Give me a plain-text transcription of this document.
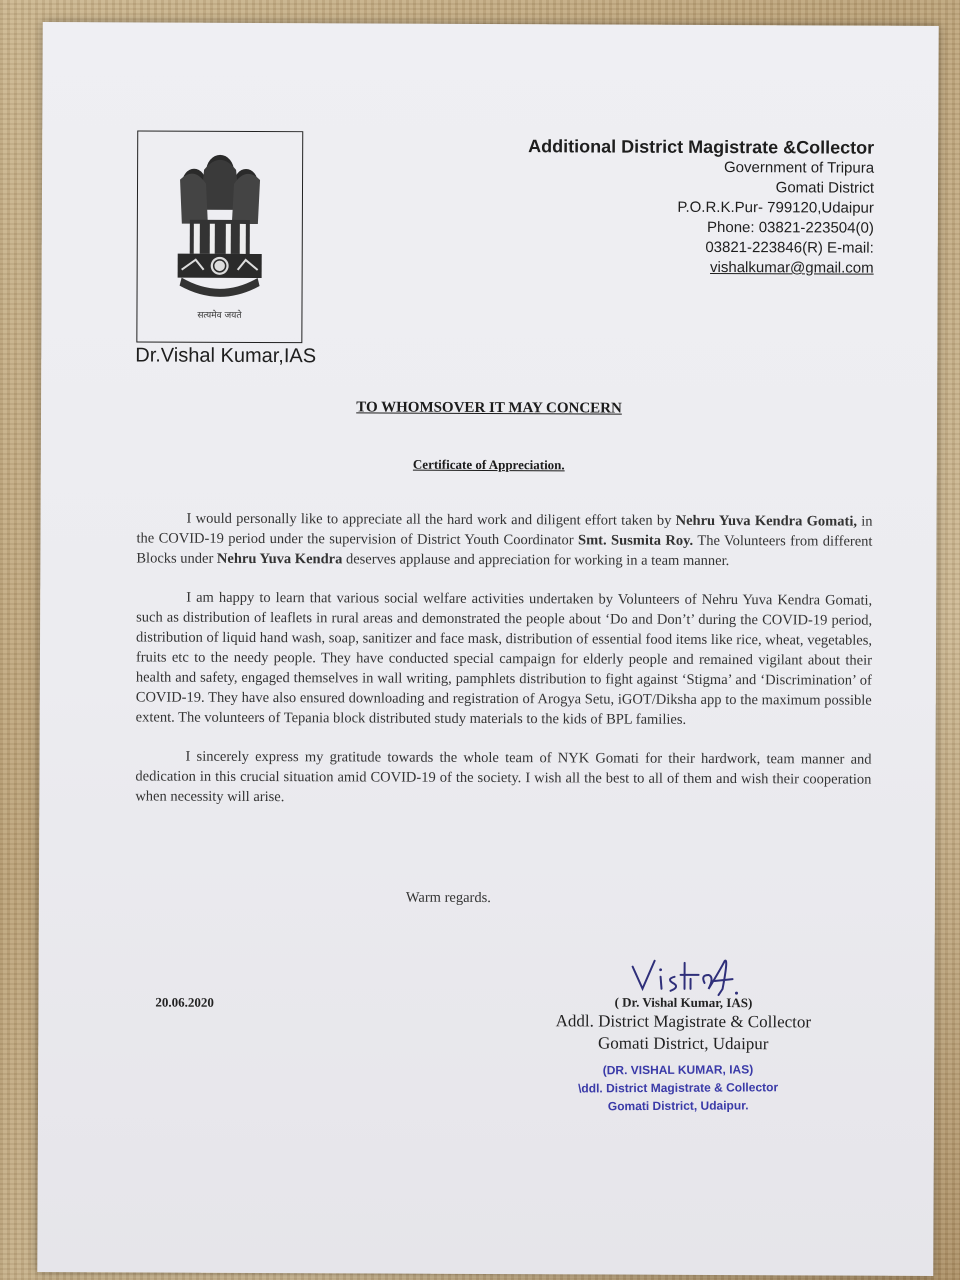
सत्यमेव जयते
Additional District Magistrate &Collector
Government of Tripura
Gomati District
P.O.R.K.Pur- 799120,Udaipur
Phone: 03821-223504(0)
03821-223846(R) E-mail:
vishalkumar@gmail.com
Dr.Vishal Kumar,IAS
TO WHOMSOVER IT MAY CONCERN
Certificate of Appreciation.

I would personally like to appreciate all the hard work and diligent effort taken by Nehru Yuva Kendra Gomati, in the COVID-19 period under the supervision of District Youth Coordinator Smt. Susmita Roy. The Volunteers from different Blocks under Nehru Yuva Kendra deserves applause and appreciation for working in a team manner.

I am happy to learn that various social welfare activities undertaken by Volunteers of Nehru Yuva Kendra Gomati, such as distribution of leaflets in rural areas and demonstrated the people about ‘Do and Don’t’ during the COVID-19 period, distribution of liquid hand wash, soap, sanitizer and face mask, distribution of essential food items like rice, wheat, vegetables, fruits etc to the needy people. They have conducted special campaign for elderly people and remained vigilant about their health and safety, engaged themselves in wall writing, pamphlets distribution to fight against ‘Stigma’ and ‘Discrimination’ of COVID-19. They have also ensured downloading and registration of Arogya Setu, iGOT/Diksha app to the maximum possible extent. The volunteers of Tepania block distributed study materials to the kids of BPL families.

I sincerely express my gratitude towards the whole team of NYK Gomati for their hardwork, team manner and dedication in this crucial situation amid COVID-19 of the society. I wish all the best to all of them and wish their cooperation when necessity will arise.

Warm regards.
20.06.2020	( Dr. Vishal Kumar, IAS)
Addl. District Magistrate & Collector
Gomati District, Udaipur
(DR. VISHAL KUMAR, IAS)
\ddl. District Magistrate & Collector
Gomati District, Udaipur.
